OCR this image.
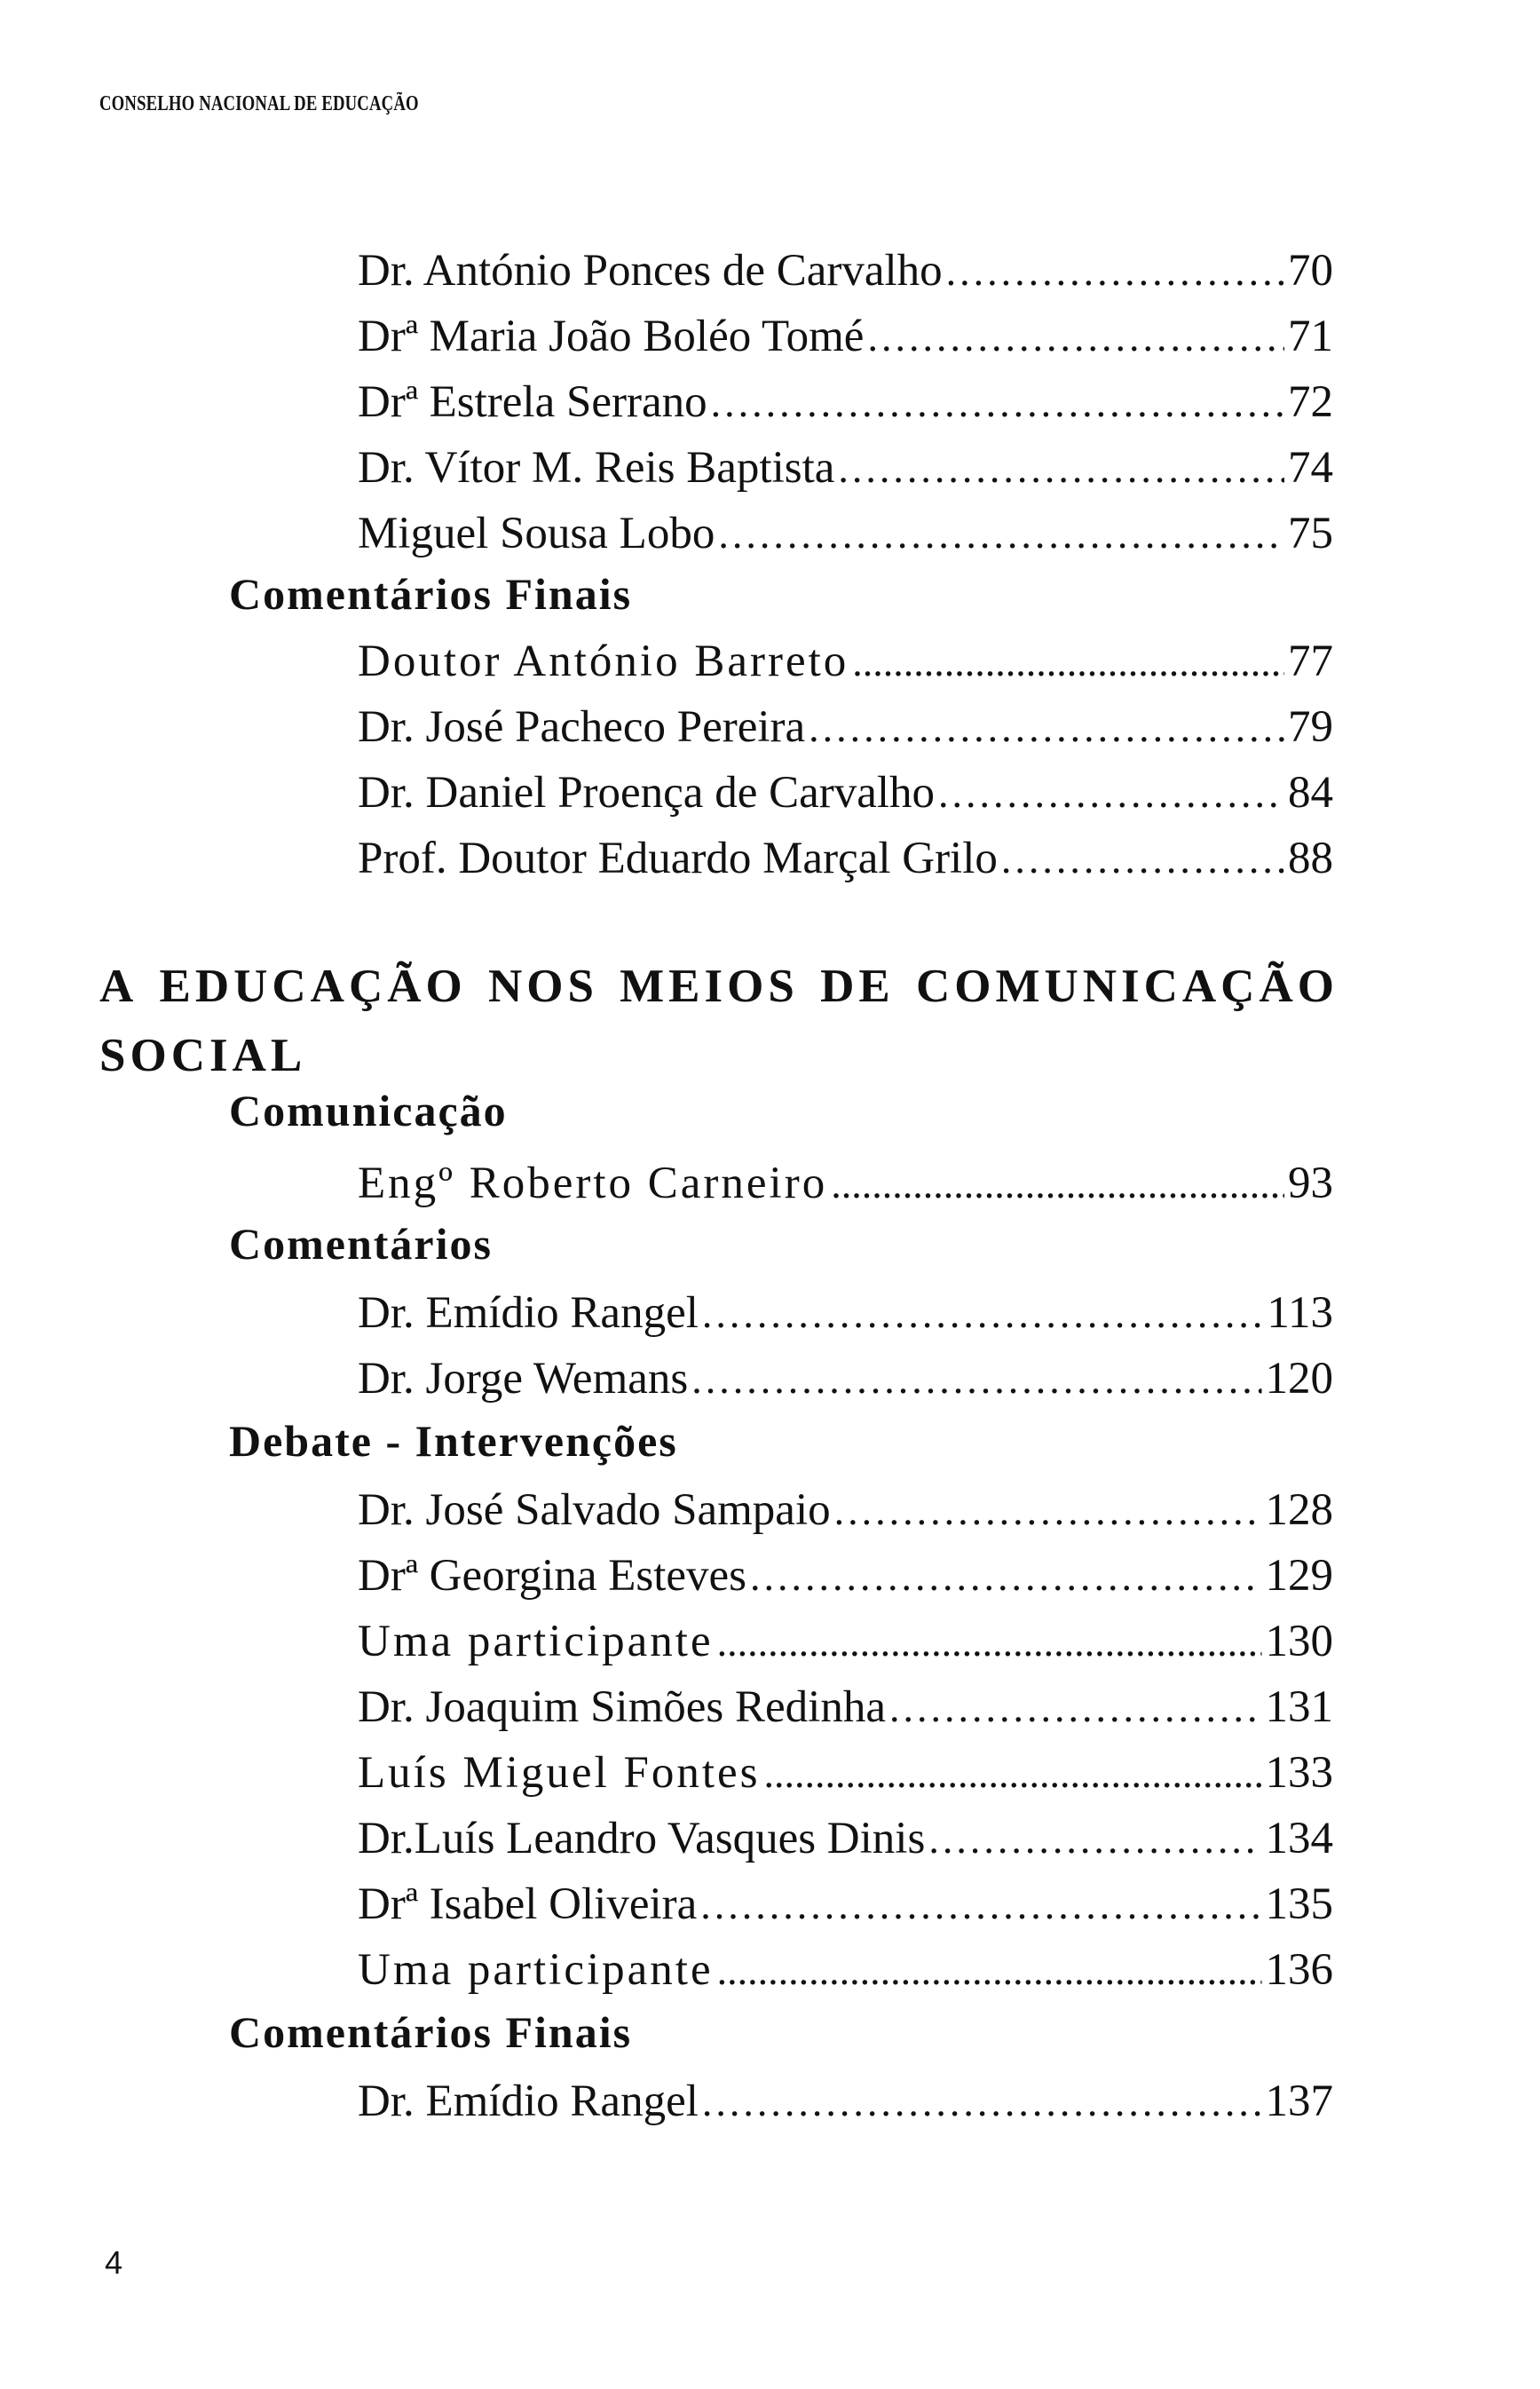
CONSELHO NACIONAL DE EDUCAÇÃO
Dr. António Ponces de Carvalho .....	70
Drª Maria João Boléo Tomé .....	71
Drª Estrela Serrano .....	72
Dr. Vítor M. Reis Baptista .....	74
Miguel Sousa Lobo .....	75
Comentários Finais
Doutor António Barreto .....	77
Dr. José Pacheco Pereira .....	79
Dr. Daniel Proença de Carvalho .....	84
Prof. Doutor Eduardo Marçal Grilo .....	88
A EDUCAÇÃO NOS MEIOS DE COMUNICAÇÃO
SOCIAL
Comunicação
Engº Roberto Carneiro .....	93
Comentários
Dr. Emídio Rangel .....	113
Dr. Jorge Wemans .....	120
Debate - Intervenções
Dr. José Salvado Sampaio .....	128
Drª Georgina Esteves .....	129
Uma participante .....	130
Dr. Joaquim Simões Redinha .....	131
Luís Miguel Fontes .....	133
Dr.Luís Leandro Vasques Dinis .....	134
Drª Isabel Oliveira .....	135
Uma participante .....	136
Comentários Finais
Dr. Emídio Rangel .....	137
4
